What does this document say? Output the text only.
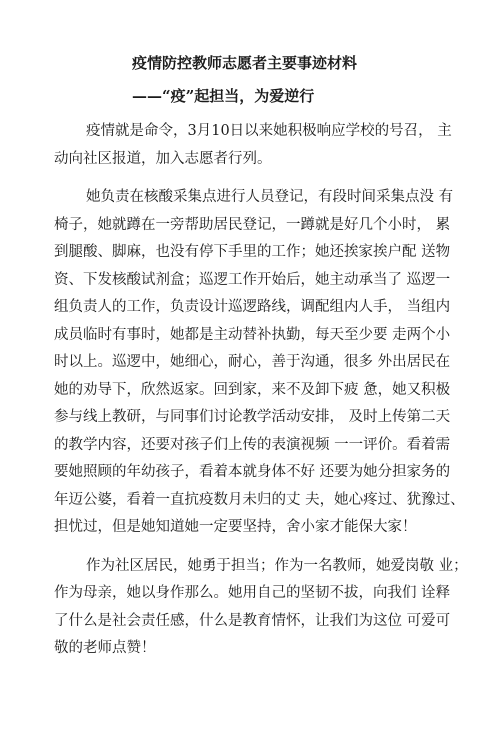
疫情防控教师志愿者主要事迹材料
——“疫”起担当，为爱逆行

疫情就是命令，3月10日以来她积极响应学校的号召， 主
动向社区报道，加入志愿者行列。

她负责在核酸采集点进行人员登记，有段时间采集点没 有
椅子，她就蹲在一旁帮助居民登记，一蹲就是好几个小时， 累
到腿酸、脚麻，也没有停下手里的工作；她还挨家挨户配 送物
资、下发核酸试剂盒；巡逻工作开始后，她主动承当了 巡逻一
组负责人的工作，负责设计巡逻路线，调配组内人手， 当组内
成员临时有事时，她都是主动替补执勤，每天至少要 走两个小
时以上。巡逻中，她细心，耐心，善于沟通，很多 外出居民在
她的劝导下，欣然返家。回到家，来不及卸下疲 惫，她又积极
参与线上教研，与同事们讨论教学活动安排， 及时上传第二天
的教学内容，还要对孩子们上传的表演视频 一一评价。看着需
要她照顾的年幼孩子，看着本就身体不好 还要为她分担家务的
年迈公婆，看着一直抗疫数月未归的丈 夫，她心疼过、犹豫过、
担忧过，但是她知道她一定要坚持，舍小家才能保大家！

作为社区居民，她勇于担当；作为一名教师，她爱岗敬 业；
作为母亲，她以身作那么。她用自己的坚韧不拔，向我们 诠释
了什么是社会责任感，什么是教育情怀，让我们为这位 可爱可
敬的老师点赞！
